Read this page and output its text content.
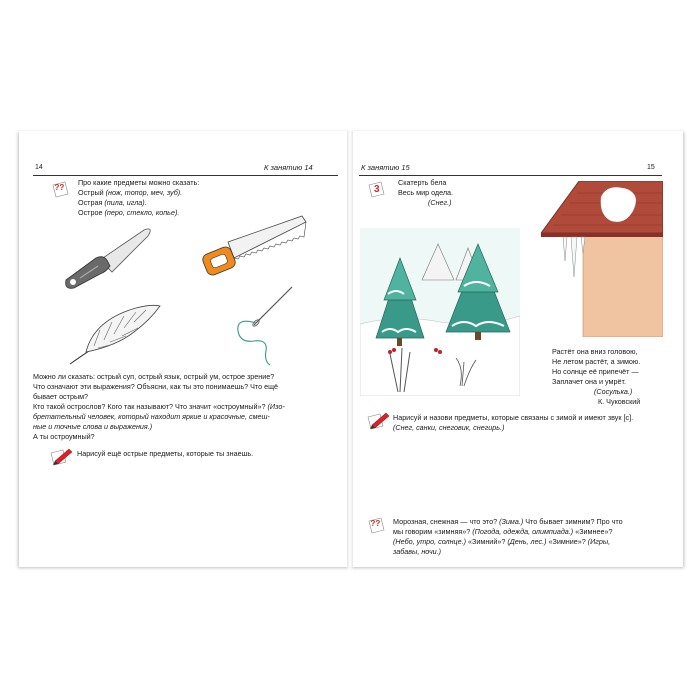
14	К занятию 14
??
Про какие предметы можно сказать:
Острый (нож, топор, меч, зуб).
Острая (пила, игла).
Острое (перо, стекло, копье).
Можно ли сказать: острый суп, острый язык, острый ум, острое зрение?
Что означают эти выражения? Объясни, как ты это понимаешь? Что ещё
бывает острым?
Кто такой острослов? Кого так называют? Что значит «остроумный»? (Изо-
бретательный человек, который находит яркие и красочные, смеш-
ные и точные слова и выражения.)
А ты остроумный?
Нарисуй ещё острые предметы, которые ты знаешь.
К занятию 15	15
3
Скатерть бела
Весь мир одела.
(Снег.)
Растёт она вниз головою,
Не летом растёт, а зимою.
Но солнце её припечёт —
Заплачет она и умрёт.
(Сосулька.)
К. Чуковский
Нарисуй и назови предметы, которые связаны с зимой и имеют звук [с].
(Снег, санки, снеговик, снегирь.)
?? Морозная, снежная — что это? (Зима.) Что бывает зимним? Про что
мы говорим «зимняя»? (Погода, одежда, олимпиада.) «Зимнее»?
(Небо, утро, солнце.) «Зимний»? (День, лес.) «Зимние»? (Игры,
забавы, ночи.)
